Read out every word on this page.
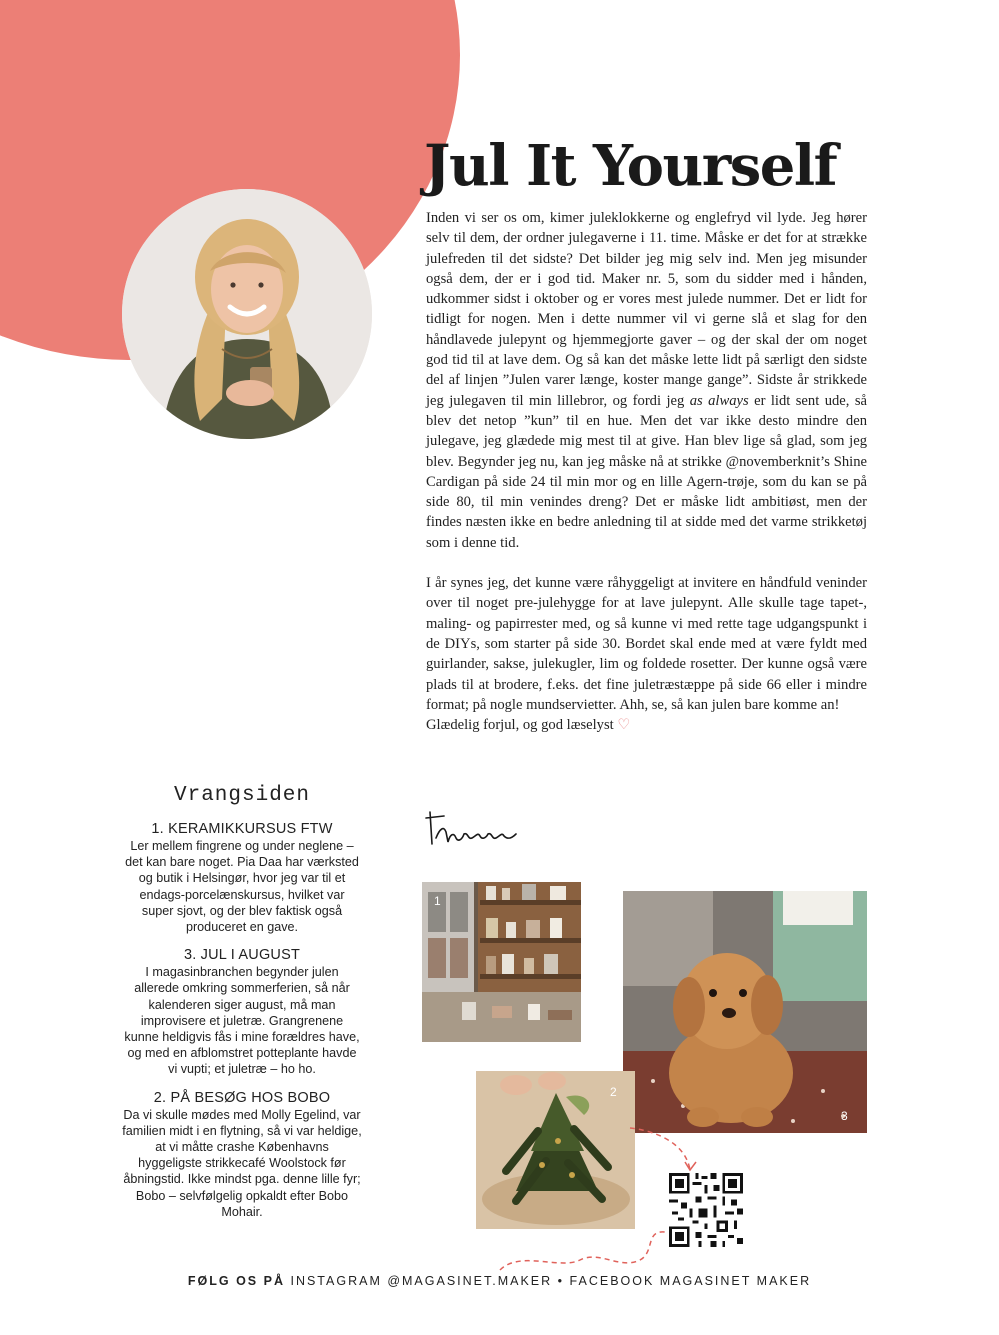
Jul It Yourself

Inden vi ser os om, kimer juleklokkerne og englefryd vil lyde. Jeg hører selv til dem, der ordner julegaverne i 11. time. Måske er det for at strække julefreden til det sidste? Det bilder jeg mig selv ind. Men jeg misunder også dem, der er i god tid. Maker nr. 5, som du sidder med i hånden, udkommer sidst i oktober og er vores mest julede nummer. Det er lidt for tidligt for nogen. Men i dette nummer vil vi gerne slå et slag for den håndlavede julepynt og hjemmegjorte gaver – og der skal der om noget god tid til at lave dem. Og så kan det måske lette lidt på særligt den sidste del af linjen ”Julen varer længe, koster mange gange”. Sidste år strikkede jeg julegaven til min lillebror, og fordi jeg as always er lidt sent ude, så blev det netop ”kun” til en hue. Men det var ikke desto mindre den julegave, jeg glædede mig mest til at give. Han blev lige så glad, som jeg blev. Begynder jeg nu, kan jeg måske nå at strikke @novemberknit’s Shine Cardigan på side 24 til min mor og en lille Agern-trøje, som du kan se på side 80, til min venindes dreng? Det er måske lidt ambitiøst, men der findes næsten ikke en bedre anledning til at sidde med det varme strikketøj som i denne tid.

I år synes jeg, det kunne være råhyggeligt at invitere en håndfuld veninder over til noget pre-julehygge for at lave julepynt. Alle skulle tage tapet-, maling- og papirrester med, og så kunne vi med rette tage udgangspunkt i de DIYs, som starter på side 30. Bordet skal ende med at være fyldt med guirlander, sakse, julekugler, lim og foldede rosetter. Der kunne også være plads til at brodere, f.eks. det fine juletræstæppe på side 66 eller i mindre format; på nogle mundservietter. Ahh, se, så kan julen bare komme an!
Glædelig forjul, og god læselyst ♡

Vrangsiden
1. KERAMIKKURSUS FTW
Ler mellem fingrene og under neglene – det kan bare noget. Pia Daa har værksted og butik i Helsingør, hvor jeg var til et endags-porcelænskursus, hvilket var super sjovt, og der blev faktisk også produceret en gave.
3. JUL I AUGUST
I magasinbranchen begynder julen allerede omkring sommerferien, så når kalenderen siger august, må man improvisere et juletræ. Grangrenene kunne heldigvis fås i mine forældres have, og med en afblomstret potteplante havde vi vupti; et juletræ – ho ho.
2. PÅ BESØG HOS BOBO
Da vi skulle mødes med Molly Egelind, var familien midt i en flytning, så vi var heldige, at vi måtte crashe Københavns hyggeligste strikkecafé Woolstock før åbningstid. Ikke mindst pga. denne lille fyr; Bobo – selvfølgelig opkaldt efter Bobo Mohair.
1
3
2
FØLG OS PÅ INSTAGRAM @MAGASINET.MAKER • FACEBOOK MAGASINET MAKER
